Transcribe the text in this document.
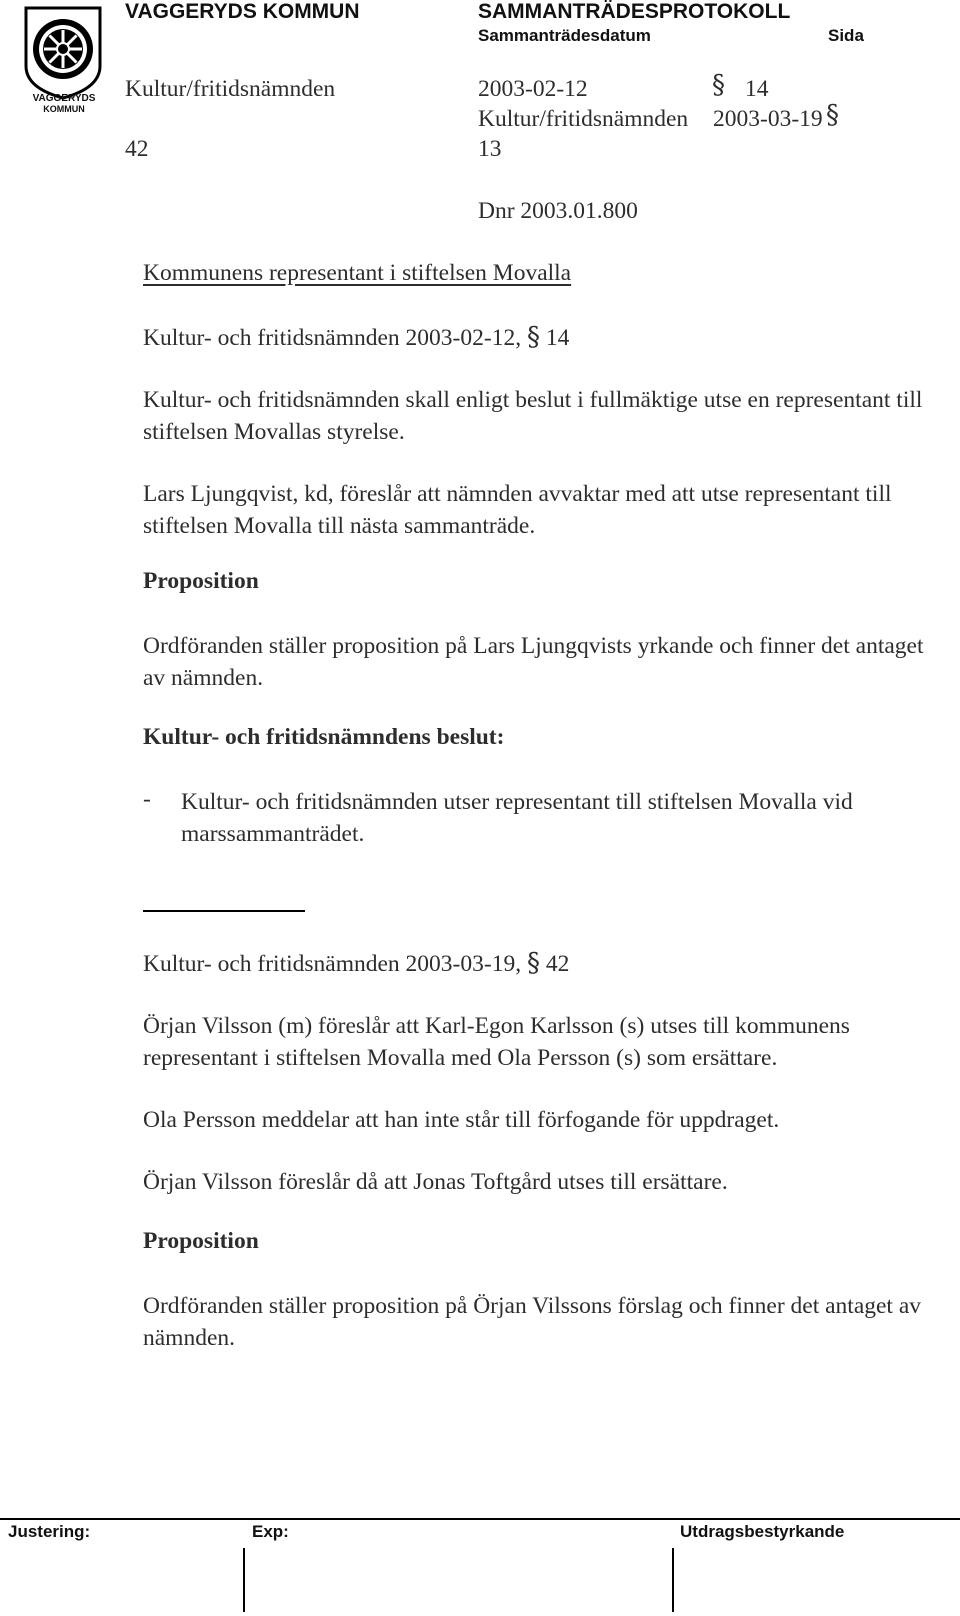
VAGGERYDS
KOMMUN
VAGGERYDS KOMMUN	SAMMANTRÄDESPROTOKOLL
Sammanträdesdatum	Sida
Kultur/fritidsnämnden	2003-02-12	§ 14
Kultur/fritidsnämnden 2003-03-19 §
42	13
Dnr 2003.01.800
Kommunens representant i stiftelsen Movalla
Kultur- och fritidsnämnden 2003-02-12, § 14
Kultur- och fritidsnämnden skall enligt beslut i fullmäktige utse en representant till stiftelsen Movallas styrelse.
Lars Ljungqvist, kd, föreslår att nämnden avvaktar med att utse representant till stiftelsen Movalla till nästa sammanträde.
Proposition
Ordföranden ställer proposition på Lars Ljungqvists yrkande och finner det antaget av nämnden.
Kultur- och fritidsnämndens beslut:
- Kultur- och fritidsnämnden utser representant till stiftelsen Movalla vid marssammanträdet.
Kultur- och fritidsnämnden 2003-03-19, § 42
Örjan Vilsson (m) föreslår att Karl-Egon Karlsson (s) utses till kommunens representant i stiftelsen Movalla med Ola Persson (s) som ersättare.
Ola Persson meddelar att han inte står till förfogande för uppdraget.
Örjan Vilsson föreslår då att Jonas Toftgård utses till ersättare.
Proposition
Ordföranden ställer proposition på Örjan Vilssons förslag och finner det antaget av nämnden.
Justering:	Exp:	Utdragsbestyrkande
